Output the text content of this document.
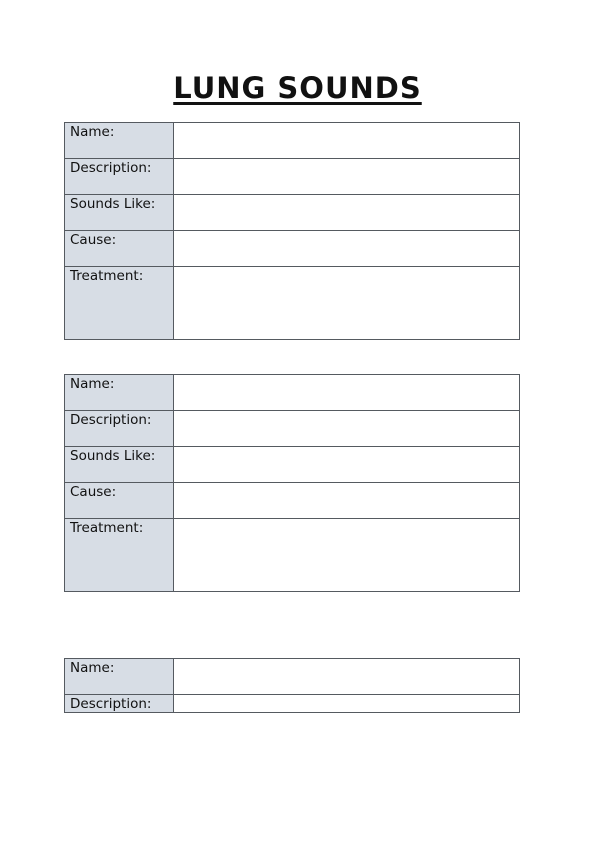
LUNG SOUNDS
Name:	
Description:	
Sounds Like:	
Cause:	
Treatment:	
Name:	
Description:	
Sounds Like:	
Cause:	
Treatment:	
Name:	
Description:	
